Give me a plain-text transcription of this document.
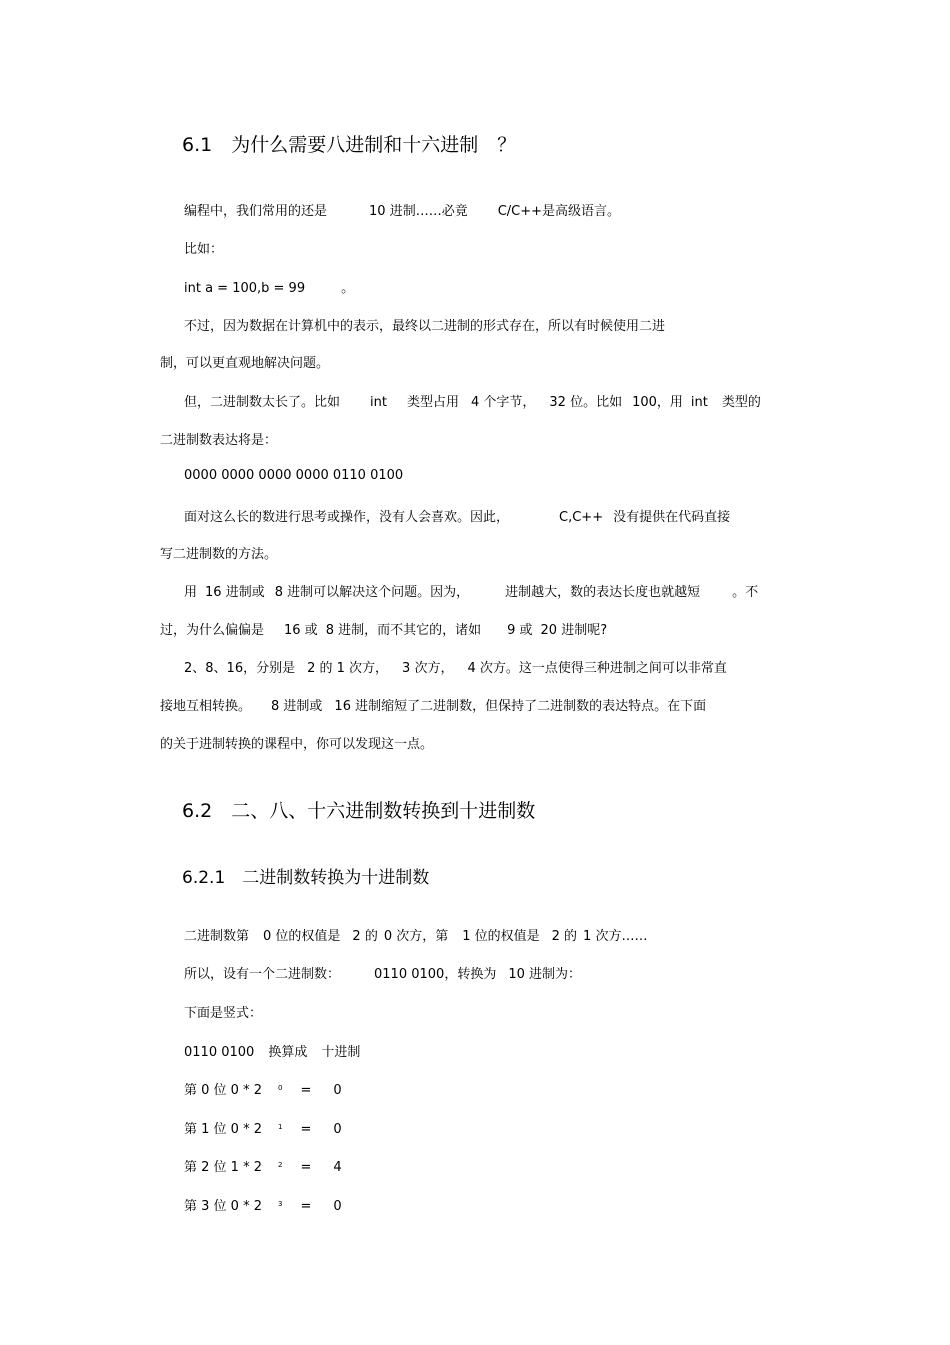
6.1　为什么需要八进制和十六进制　？
编程中，我们常用的还是	10 进制……必竟 C/C++是高级语言。
比如：
int a = 100,b = 99	。
不过，因为数据在计算机中的表示，最终以二进制的形式存在，所以有时候使用二进
制，可以更直观地解决问题。
但，二进制数太长了。比如 int 类型占用 4 个字节， 32 位。比如 100，用 int 类型的
二进制数表达将是：
0000 0000 0000 0000 0110 0100
面对这么长的数进行思考或操作，没有人会喜欢。因此，	C,C++ 没有提供在代码直接
写二进制数的方法。
用 16 进制或 8 进制可以解决这个问题。因为，	进制越大，数的表达长度也就越短 。不
过，为什么偏偏是 16 或 8 进制，而不其它的，诸如 9 或 20 进制呢?
2、8、16，分别是 2 的 1 次方， 3 次方， 4 次方。这一点使得三种进制之间可以非常直
接地互相转换。 8 进制或 16 进制缩短了二进制数，但保持了二进制数的表达特点。在下面
的关于进制转换的课程中，你可以发现这一点。
6.2　二、八、十六进制数转换到十进制数
6.2.1　二进制数转换为十进制数
二进制数第 0 位的权值是 2 的 0 次方，第 1 位的权值是 2 的 1 次方……
所以，设有一个二进制数：	0110 0100，转换为 10 进制为：
下面是竖式：
0110 0100 换算成 十进制
第 0 位 0 * 2 $^0$ = 0
第 1 位 0 * 2 $^1$ = 0
第 2 位 1 * 2 $^2$ = 4
第 3 位 0 * 2 $^3$ = 0
